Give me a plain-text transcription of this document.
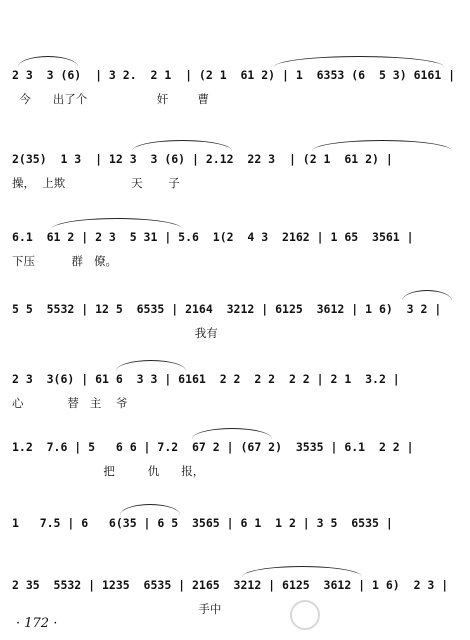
2 3  3 (6)  | 3 2.  2 1  | (2 1  61 2) | 1  6353 (6  5 3) 6161 |
今      出了个                   奸        曹
2(35)  1 3  | 12 3  3 (6) | 2.12  22 3  | (2 1  61 2) |
操，  上欺                  天       子
6.1  61 2 | 2 3  5 31 | 5.6  1(2  4 3  2162 | 1 65  3561 |
下压          群   僚。
5 5  5532 | 12 5  6535 | 2164  3212 | 6125  3612 | 1 6)  3 2 |
我有
2 3  3(6) | 61 6  3 3 | 6161  2 2  2 2  2 2 | 2 1  3.2 |
心            替   主    爷
1.2  7.6 | 5   6 6 | 7.2  67 2 | (67 2)  3535 | 6.1  2 2 |
把         仇      报，
1   7.5 | 6   6(35 | 6 5  3565 | 6 1  1 2 | 3 5  6535 |
2 35  5532 | 1235  6535 | 2165  3212 | 6125  3612 | 1 6)  2 3 |
手中
· 172 ·
